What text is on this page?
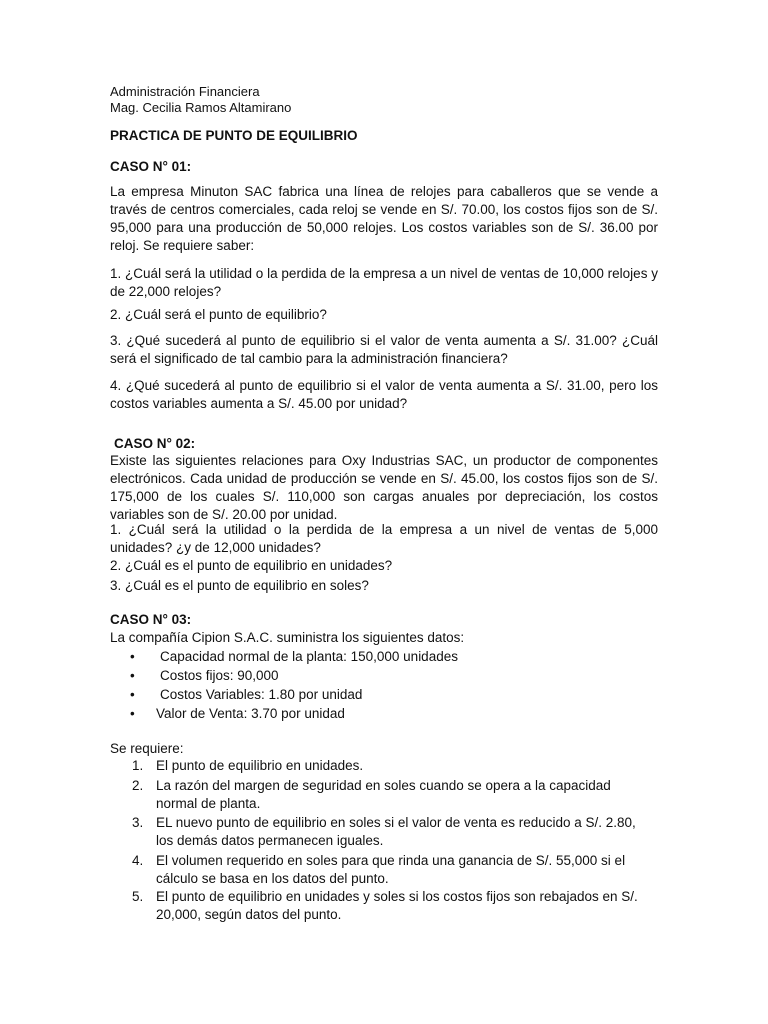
Administración Financiera
Mag. Cecilia Ramos Altamirano
PRACTICA DE PUNTO DE EQUILIBRIO
CASO N° 01:

La empresa Minuton SAC fabrica una línea de relojes para caballeros que se vende a través de centros comerciales, cada reloj se vende en S/. 70.00, los costos fijos son de S/. 95,000 para una producción de 50,000 relojes. Los costos variables son de S/. 36.00 por reloj. Se requiere saber:

1. ¿Cuál será la utilidad o la perdida de la empresa a un nivel de ventas de 10,000 relojes y de 22,000 relojes?

2. ¿Cuál será el punto de equilibrio?

3. ¿Qué sucederá al punto de equilibrio si el valor de venta aumenta a S/. 31.00? ¿Cuál será el significado de tal cambio para la administración financiera?

4. ¿Qué sucederá al punto de equilibrio si el valor de venta aumenta a S/. 31.00, pero los costos variables aumenta a S/. 45.00 por unidad?

CASO N° 02:

Existe las siguientes relaciones para Oxy Industrias SAC, un productor de componentes electrónicos. Cada unidad de producción se vende en S/. 45.00, los costos fijos son de S/. 175,000 de los cuales S/. 110,000 son cargas anuales por depreciación, los costos variables son de S/. 20.00 por unidad.

1. ¿Cuál será la utilidad o la perdida de la empresa a un nivel de ventas de 5,000 unidades? ¿y de 12,000 unidades?

2. ¿Cuál es el punto de equilibrio en unidades?

3. ¿Cuál es el punto de equilibrio en soles?

CASO N° 03:
La compañía Cipion S.A.C. suministra los siguientes datos:
• Capacidad normal de la planta: 150,000 unidades
• Costos fijos: 90,000
• Costos Variables: 1.80 por unidad
• Valor de Venta: 3.70 por unidad
Se requiere:
1. El punto de equilibrio en unidades.

2. La razón del margen de seguridad en soles cuando se opera a la capacidad normal de planta.

3. EL nuevo punto de equilibrio en soles si el valor de venta es reducido a S/. 2.80, los demás datos permanecen iguales.

4. El volumen requerido en soles para que rinda una ganancia de S/. 55,000 si el cálculo se basa en los datos del punto.

5. El punto de equilibrio en unidades y soles si los costos fijos son rebajados en S/. 20,000, según datos del punto.
